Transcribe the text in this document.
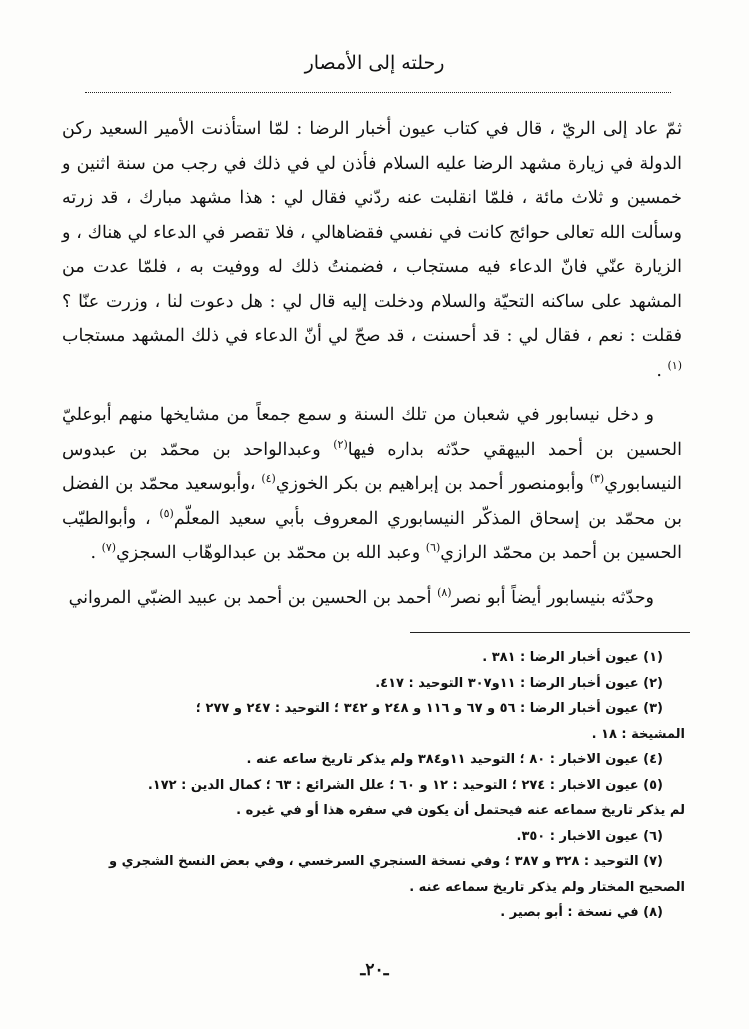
رحلته إلى الأمصار

ثمّ عاد إلى الريّ ، قال في كتاب عيون أخبار الرضا : لمّا استأذنت الأمير السعيد ركن الدولة في زيارة مشهد الرضا عليه السلام فأذن لي في ذلك في رجب من سنة اثنين و خمسين و ثلاث مائة ، فلمّا انقلبت عنه ردّني فقال لي : هذا مشهد مبارك ، قد زرته وسألت الله تعالى حوائج كانت في نفسي فقضاهالي ، فلا تقصر في الدعاء لي هناك ، و الزيارة عنّي فانّ الدعاء فيه مستجاب ، فضمنتُ ذلك له ووفيت به ، فلمّا عدت من المشهد على ساكنه التحيّة والسلام ودخلت إليه قال لي : هل دعوت لنا ، وزرت عنّا ؟ فقلت : نعم ، فقال لي : قد أحسنت ، قد صحّ لي أنّ الدعاء في ذلك المشهد مستجاب $^{(١)}$ .

و دخل نيسابور في شعبان من تلك السنة و سمع جمعاً من مشايخها منهم أبوعليّ الحسين بن أحمد البيهقي حدّثه بداره فيها$^{(٢)}$ وعبدالواحد بن محمّد بن عبدوس النيسابوري$^{(٣)}$ وأبومنصور أحمد بن إبراهيم بن بكر الخوزي$^{(٤)}$ ،وأبوسعيد محمّد بن الفضل بن محمّد بن إسحاق المذكّر النيسابوري المعروف بأبي سعيد المعلّم$^{(٥)}$ ، وأبوالطيّب الحسين بن أحمد بن محمّد الرازي$^{(٦)}$ وعبد الله بن محمّد بن عبدالوهّاب السجزي$^{(٧)}$ .

وحدّثه بنيسابور أيضاً أبو نصر$^{(٨)}$ أحمد بن الحسين بن أحمد بن عبيد الضبّي المرواني

(١) عيون أخبار الرضا : ٣٨١ .
(٢) عيون أخبار الرضا : ١١و٣٠٧ التوحيد : ٤١٧.
(٣) عيون أخبار الرضا : ٥٦ و ٦٧ و ١١٦ و ٢٤٨ و ٣٤٢ ؛ التوحيد : ٢٤٧ و ٢٧٧ ؛
المشيخة : ١٨ .
(٤) عيون الاخبار : ٨٠ ؛ التوحيد ١١و٣٨٤ ولم يذكر تاريخ ساعه عنه .
(٥) عيون الاخبار : ٢٧٤ ؛ التوحيد : ١٢ و ٦٠ ؛ علل الشرائع : ٦٣ ؛ كمال الدين : ١٧٢.
لم يذكر تاريخ سماعه عنه فيحتمل أن يكون في سفره هذا أو في غيره .
(٦) عيون الاخبار : ٣٥٠.
(٧) التوحيد : ٣٢٨ و ٣٨٧ ؛ وفي نسخة السنجري السرخسي ، وفي بعض النسخ الشجري و
الصحيح المختار ولم يذكر تاريخ سماعه عنه .
(٨) في نسخة : أبو بصير .
ـ٢٠ـ
